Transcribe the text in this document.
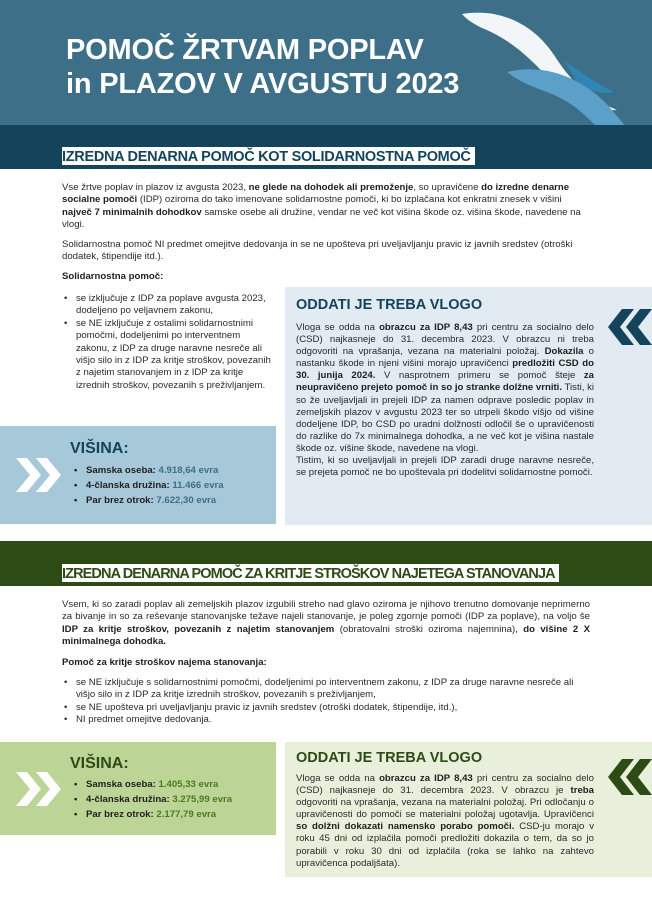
POMOČ ŽRTVAM POPLAV
in PLAZOV V AVGUSTU 2023
IZREDNA DENARNA POMOČ KOT SOLIDARNOSTNA POMOČ

Vse žrtve poplav in plazov iz avgusta 2023, ne glede na dohodek ali premoženje, so upravičene do izredne denarne socialne pomoči (IDP) oziroma do tako imenovane solidarnostne pomoči, ki bo izplačana kot enkratni znesek v višini največ 7 minimalnih dohodkov samske osebe ali družine, vendar ne več kot višina škode oz. višina škode, navedene na vlogi.

Solidarnostna pomoč NI predmet omejitve dedovanja in se ne upošteva pri uveljavljanju pravic iz javnih sredstev (otroški dodatek, štipendije itd.).

Solidarnostna pomoč:

• se izključuje z IDP za poplave avgusta 2023, dodeljeno po veljavnem zakonu,
• se NE izključuje z ostalimi solidarnostnimi pomočmi, dodeljenimi po interventnem zakonu, z IDP za druge naravne nesreče ali višjo silo in z IDP za kritje stroškov, povezanih z najetim stanovanjem in z IDP za kritje izrednih stroškov, povezanih s preživljanjem.
VIŠINA:
• Samska oseba: 4.918,64 evra
• 4-članska družina: 11.466 evra
• Par brez otrok: 7.622,30 evra
ODDATI JE TREBA VLOGO

Vloga se odda na obrazcu za IDP 8,43 pri centru za socialno delo (CSD) najkasneje do 31. decembra 2023. V obrazcu ni treba odgovoriti na vprašanja, vezana na materialni položaj. Dokazila o nastanku škode in njeni višini morajo upravičenci predložiti CSD do 30. junija 2024. V nasprotnem primeru se pomoč šteje za neupravičeno prejeto pomoč in so jo stranke dolžne vrniti. Tisti, ki so že uveljavljali in prejeli IDP za namen odprave posledic poplav in zemeljskih plazov v avgustu 2023 ter so utrpeli škodo višjo od višine dodeljene IDP, bo CSD po uradni dolžnosti odločil še o upravičenosti do razlike do 7x minimalnega dohodka, a ne več kot je višina nastale škode oz. višine škode, navedene na vlogi.
Tistim, ki so uveljavljali in prejeli IDP zaradi druge naravne nesreče, se prejeta pomoč ne bo upoštevala pri dodelitvi solidarnostne pomoči.

IZREDNA DENARNA POMOČ ZA KRITJE STROŠKOV NAJETEGA STANOVANJA

Vsem, ki so zaradi poplav ali zemeljskih plazov izgubili streho nad glavo oziroma je njihovo trenutno domovanje neprimerno za bivanje in so za reševanje stanovanjske težave najeli stanovanje, je poleg zgornje pomoči (IDP za poplave), na voljo še IDP za kritje stroškov, povezanih z najetim stanovanjem (obratovalni stroški oziroma najemnina), do višine 2 X minimalnega dohodka.

Pomoč za kritje stroškov najema stanovanja:

• se NE izključuje s solidarnostnimi pomočmi, dodeljenimi po interventnem zakonu, z IDP za druge naravne nesreče ali višjo silo in z IDP za kritje izrednih stroškov, povezanih s preživljanjem,
• se NE upošteva pri uveljavljanju pravic iz javnih sredstev (otroški dodatek, štipendije, itd.),
• NI predmet omejitve dedovanja.
VIŠINA:
• Samska oseba: 1.405,33 evra
• 4-članska družina: 3.275,99 evra
• Par brez otrok: 2.177,79 evra
ODDATI JE TREBA VLOGO

Vloga se odda na obrazcu za IDP 8,43 pri centru za socialno delo (CSD) najkasneje do 31. decembra 2023. V obrazcu je treba odgovoriti na vprašanja, vezana na materialni položaj. Pri odločanju o upravičenosti do pomoči se materialni položaj ugotavlja. Upravičenci so dolžni dokazati namensko porabo pomoči. CSD-ju morajo v roku 45 dni od izplačila pomoči predložiti dokazila o tem, da so jo porabili v roku 30 dni od izplačila (roka se lahko na zahtevo upravičenca podaljšata).
